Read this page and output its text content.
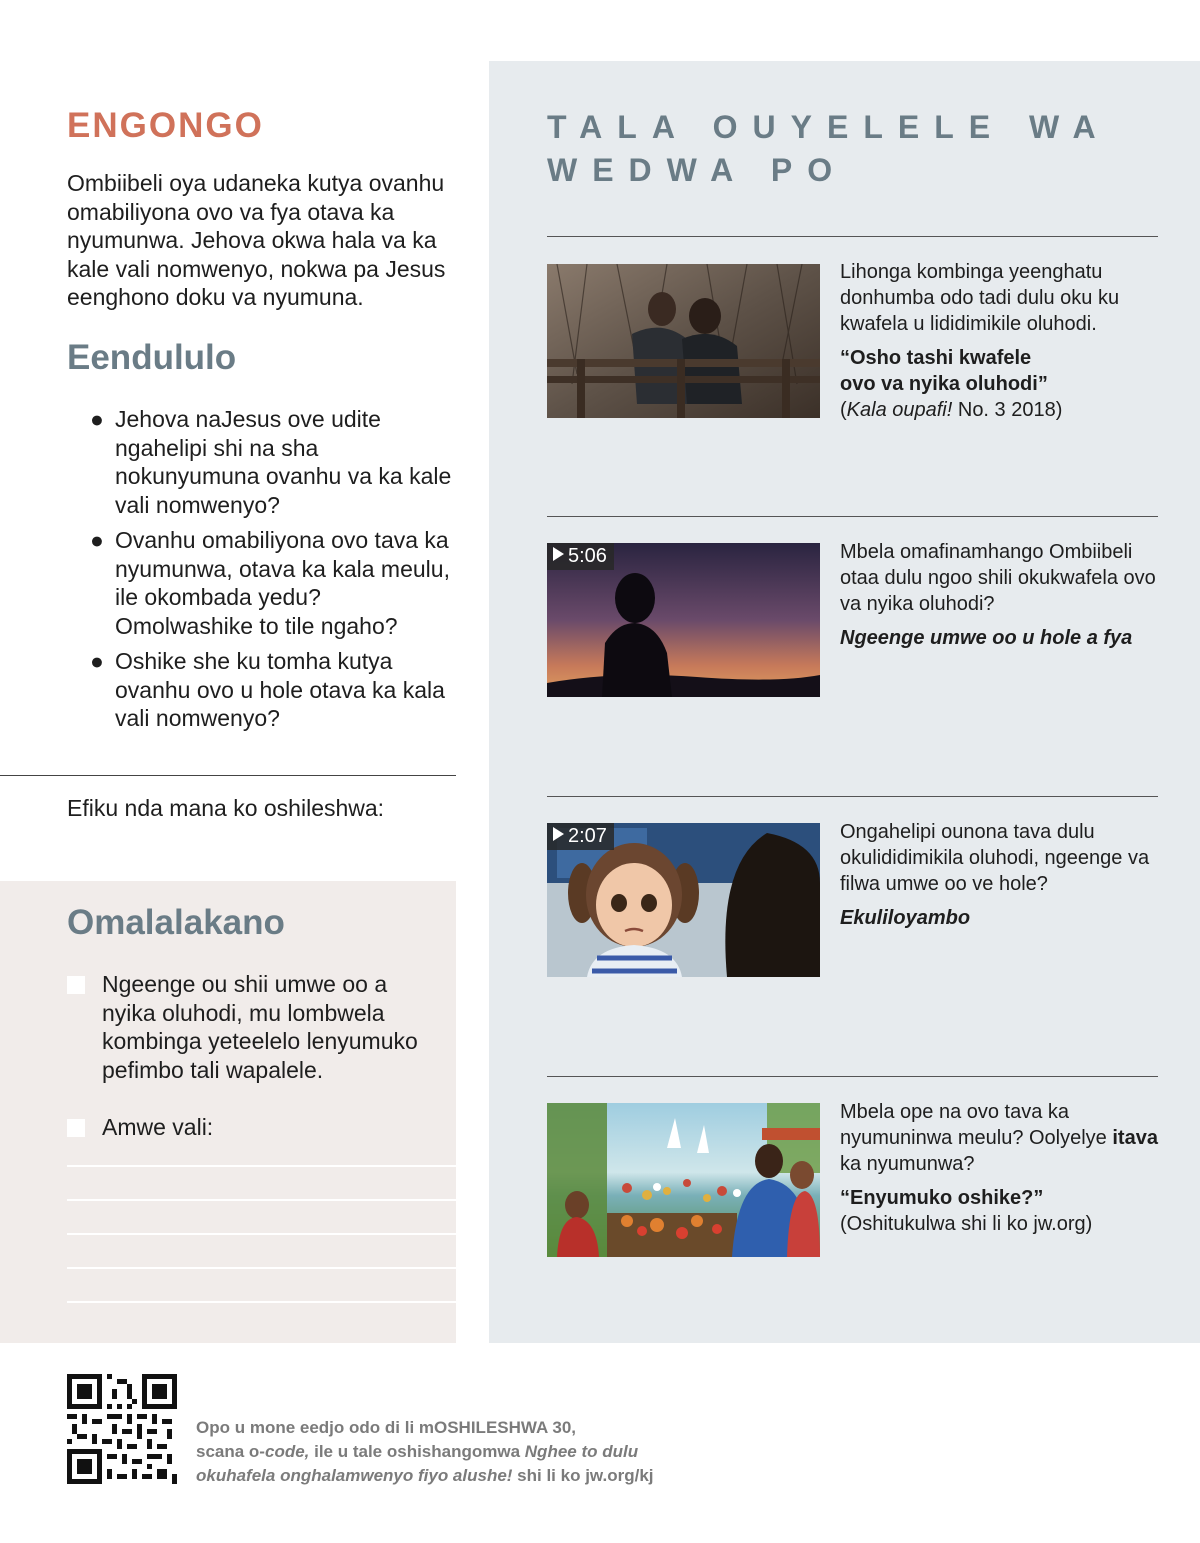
ENGONGO
Ombiibeli oya udaneka kutya ovanhu omabiliyona ovo va fya otava ka nyumunwa. Jehova okwa hala va ka kale vali nomwenyo, nokwa pa Jesus eenghono doku va nyumuna.
Eendululo
● Jehova naJesus ove udite ngahelipi shi na sha nokunyumuna ovanhu va ka kale vali nomwenyo?
● Ovanhu omabiliyona ovo tava ka nyumunwa, otava ka kala meulu, ile okombada yedu? Omolwashike to tile ngaho?
● Oshike she ku tomha kutya ovanhu ovo u hole otava ka kala vali nomwenyo?
Efiku nda mana ko oshileshwa:
Omalalakano
Ngeenge ou shii umwe oo a nyika oluhodi, mu lombwela kombinga yeteelelo lenyumuko pefimbo tali wapalele.
Amwe vali:
TALA OUYELELE WA WEDWA PO
Lihonga kombinga yeenghatu donhumba odo tadi dulu oku ku kwafela u lididimikile oluhodi.
“Osho tashi kwafele
ovo va nyika oluhodi”
(Kala oupafi! No. 3 2018)
5:06	Mbela omafinamhango Ombiibeli otaa dulu ngoo shili okukwafela ovo va nyika oluhodi?
Ngeenge umwe oo u hole a fya
2:07	Ongahelipi ounona tava dulu okulididimikila oluhodi, ngeenge va filwa umwe oo ve hole?
Ekuliloyambo
Mbela ope na ovo tava ka nyumuninwa meulu? Oolyelye itava ka nyumunwa?
“Enyumuko oshike?”
(Oshitukulwa shi li ko jw.org)
Opo u mone eedjo odo di li mOSHILESHWA 30,
scana o-code, ile u tale oshishangomwa Nghee to dulu
okuhafela onghalamwenyo fiyo alushe! shi li ko jw.org/kj
